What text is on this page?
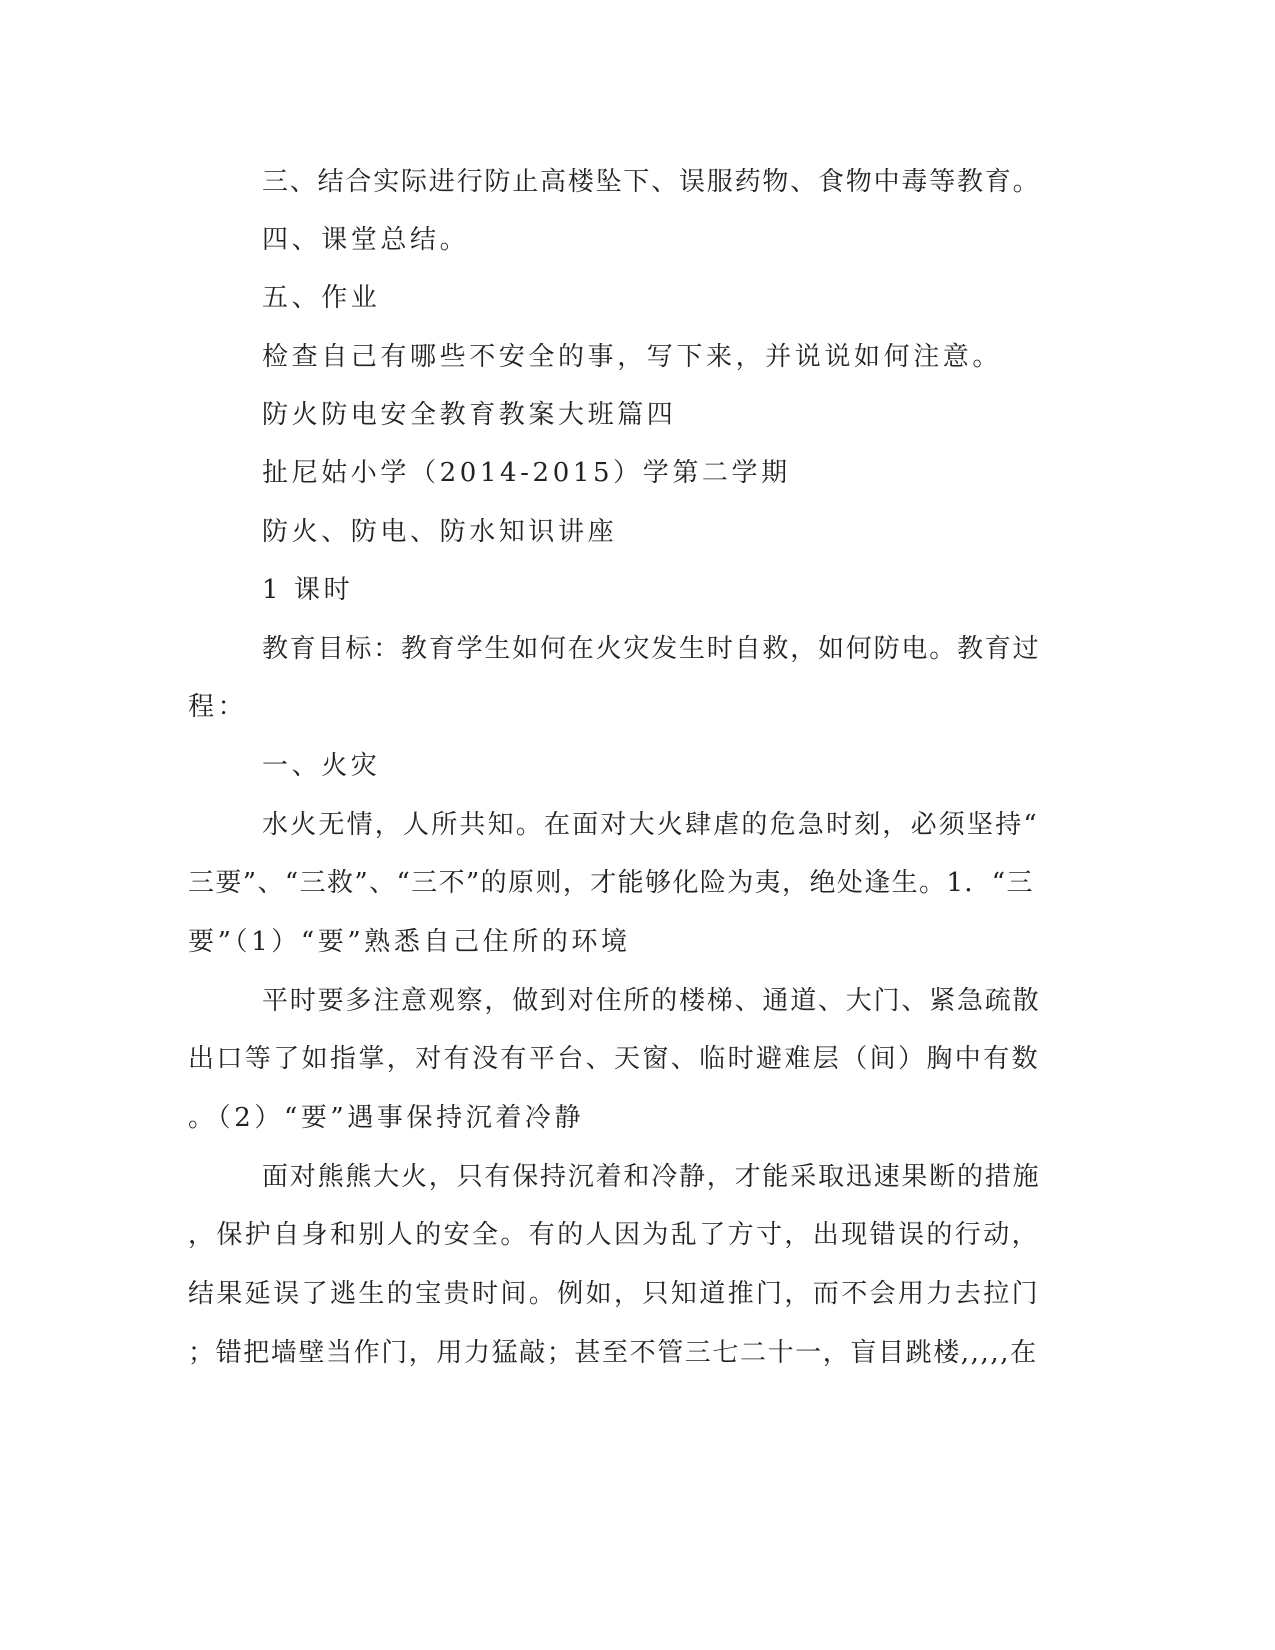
三、结合实际进行防止高楼坠下、误服药物、食物中毒等教育。
四、课堂总结。
五、作业
检查自己有哪些不安全的事，写下来，并说说如何注意。
防火防电安全教育教案大班篇四
扯尼姑小学（2014-2015）学第二学期
防火、防电、防水知识讲座
1 课时
教育目标：教育学生如何在火灾发生时自救，如何防电。教育过
程：
一、火灾
水火无情，人所共知。在面对大火肆虐的危急时刻，必须坚持“
三要”、“三救”、“三不”的原则，才能够化险为夷，绝处逢生。1．“三
要”（1）“要”熟悉自己住所的环境
平时要多注意观察，做到对住所的楼梯、通道、大门、紧急疏散
出口等了如指掌，对有没有平台、天窗、临时避难层（间）胸中有数
。（2）“要”遇事保持沉着冷静
面对熊熊大火，只有保持沉着和冷静，才能采取迅速果断的措施
，保护自身和别人的安全。有的人因为乱了方寸，出现错误的行动，
结果延误了逃生的宝贵时间。例如，只知道推门，而不会用力去拉门
；错把墙壁当作门，用力猛敲；甚至不管三七二十一，盲目跳楼,,,,,在
